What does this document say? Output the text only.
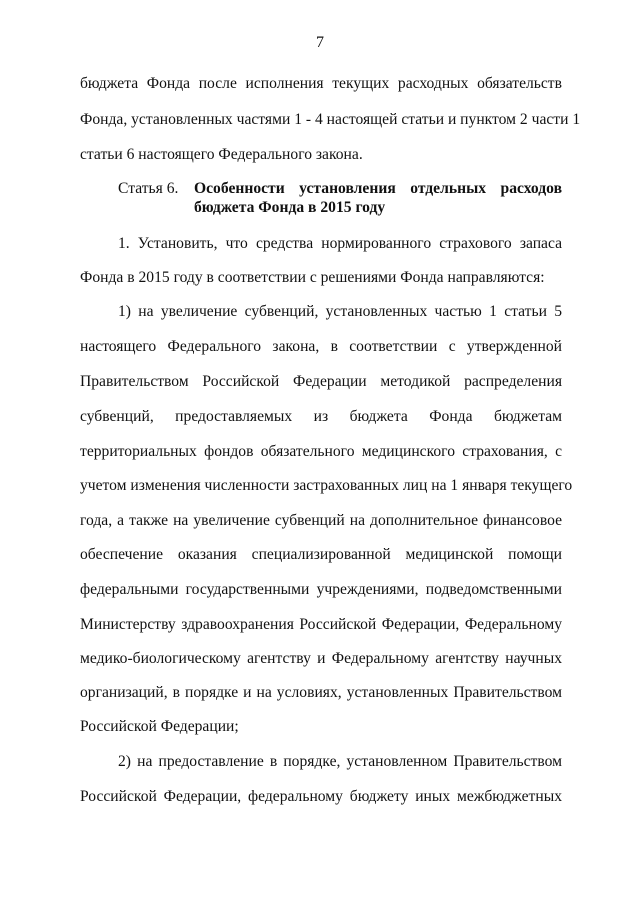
7
бюджета Фонда после исполнения текущих расходных обязательств
Фонда, установленных частями 1 - 4 настоящей статьи и пунктом 2 части 1
статьи 6 настоящего Федерального закона.
Статья 6. Особенности установления отдельных расходов
бюджета Фонда в 2015 году
1. Установить, что средства нормированного страхового запаса
Фонда в 2015 году в соответствии с решениями Фонда направляются:
1) на увеличение субвенций, установленных частью 1 статьи 5
настоящего Федерального закона, в соответствии с утвержденной
Правительством Российской Федерации методикой распределения
субвенций, предоставляемых из бюджета Фонда бюджетам
территориальных фондов обязательного медицинского страхования, с
учетом изменения численности застрахованных лиц на 1 января текущего
года, а также на увеличение субвенций на дополнительное финансовое
обеспечение оказания специализированной медицинской помощи
федеральными государственными учреждениями, подведомственными
Министерству здравоохранения Российской Федерации, Федеральному
медико-биологическому агентству и Федеральному агентству научных
организаций, в порядке и на условиях, установленных Правительством
Российской Федерации;
2) на предоставление в порядке, установленном Правительством
Российской Федерации, федеральному бюджету иных межбюджетных
